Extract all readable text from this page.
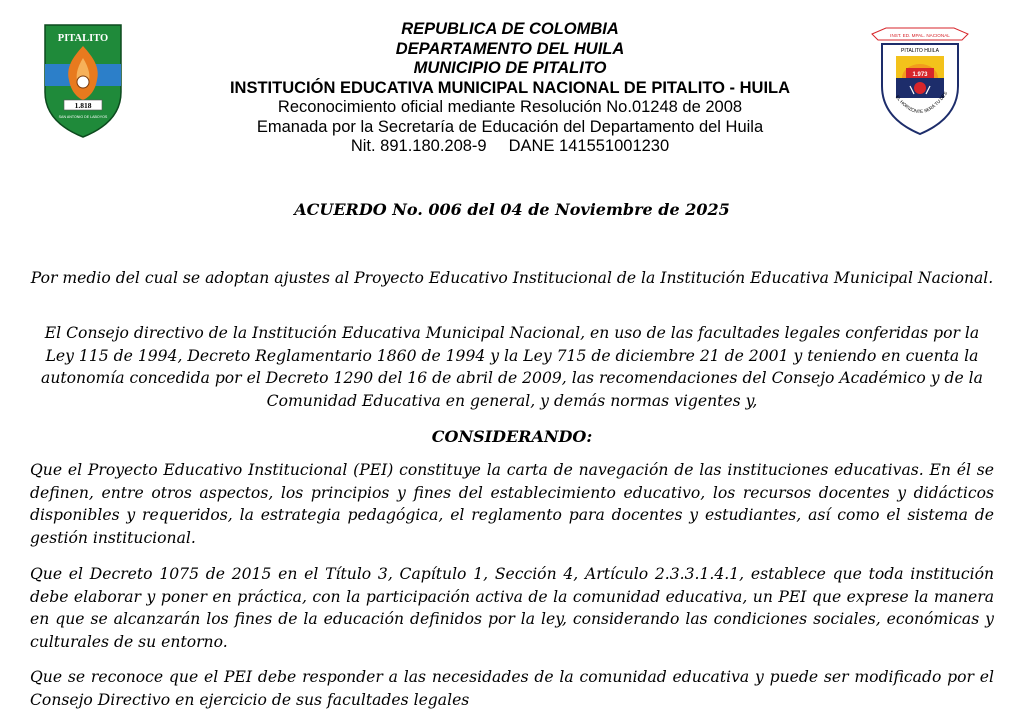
PITALITO
1.818
SAN ANTONIO DE LABOYOS
REPUBLICA DE COLOMBIA
DEPARTAMENTO DEL HUILA
MUNICIPIO DE PITALITO
INSTITUCIÓN EDUCATIVA MUNICIPAL NACIONAL DE PITALITO - HUILA
Reconocimiento oficial mediante Resolución No.01248 de 2008
Emanada por la Secretaría de Educación del Departamento del Huila
Nit. 891.180.208-9 DANE 141551001230
INST. ED. MPAL. NACIONAL
PITALITO HUILA
1.973
EL HORIZONTE SERÁ TU DES
ACUERDO No. 006 del 04 de Noviembre de 2025
Por medio del cual se adoptan ajustes al Proyecto Educativo Institucional de la Institución Educativa Municipal Nacional.
El Consejo directivo de la Institución Educativa Municipal Nacional, en uso de las facultades legales conferidas por la Ley 115 de 1994, Decreto Reglamentario 1860 de 1994 y la Ley 715 de diciembre 21 de 2001 y teniendo en cuenta la autonomía concedida por el Decreto 1290 del 16 de abril de 2009, las recomendaciones del Consejo Académico y de la Comunidad Educativa en general, y demás normas vigentes y,
CONSIDERANDO:
Que el Proyecto Educativo Institucional (PEI) constituye la carta de navegación de las instituciones educativas. En él se definen, entre otros aspectos, los principios y fines del establecimiento educativo, los recursos docentes y didácticos disponibles y requeridos, la estrategia pedagógica, el reglamento para docentes y estudiantes, así como el sistema de gestión institucional.
Que el Decreto 1075 de 2015 en el Título 3, Capítulo 1, Sección 4, Artículo 2.3.3.1.4.1, establece que toda institución debe elaborar y poner en práctica, con la participación activa de la comunidad educativa, un PEI que exprese la manera en que se alcanzarán los fines de la educación definidos por la ley, considerando las condiciones sociales, económicas y culturales de su entorno.
Que se reconoce que el PEI debe responder a las necesidades de la comunidad educativa y puede ser modificado por el Consejo Directivo en ejercicio de sus facultades legales
